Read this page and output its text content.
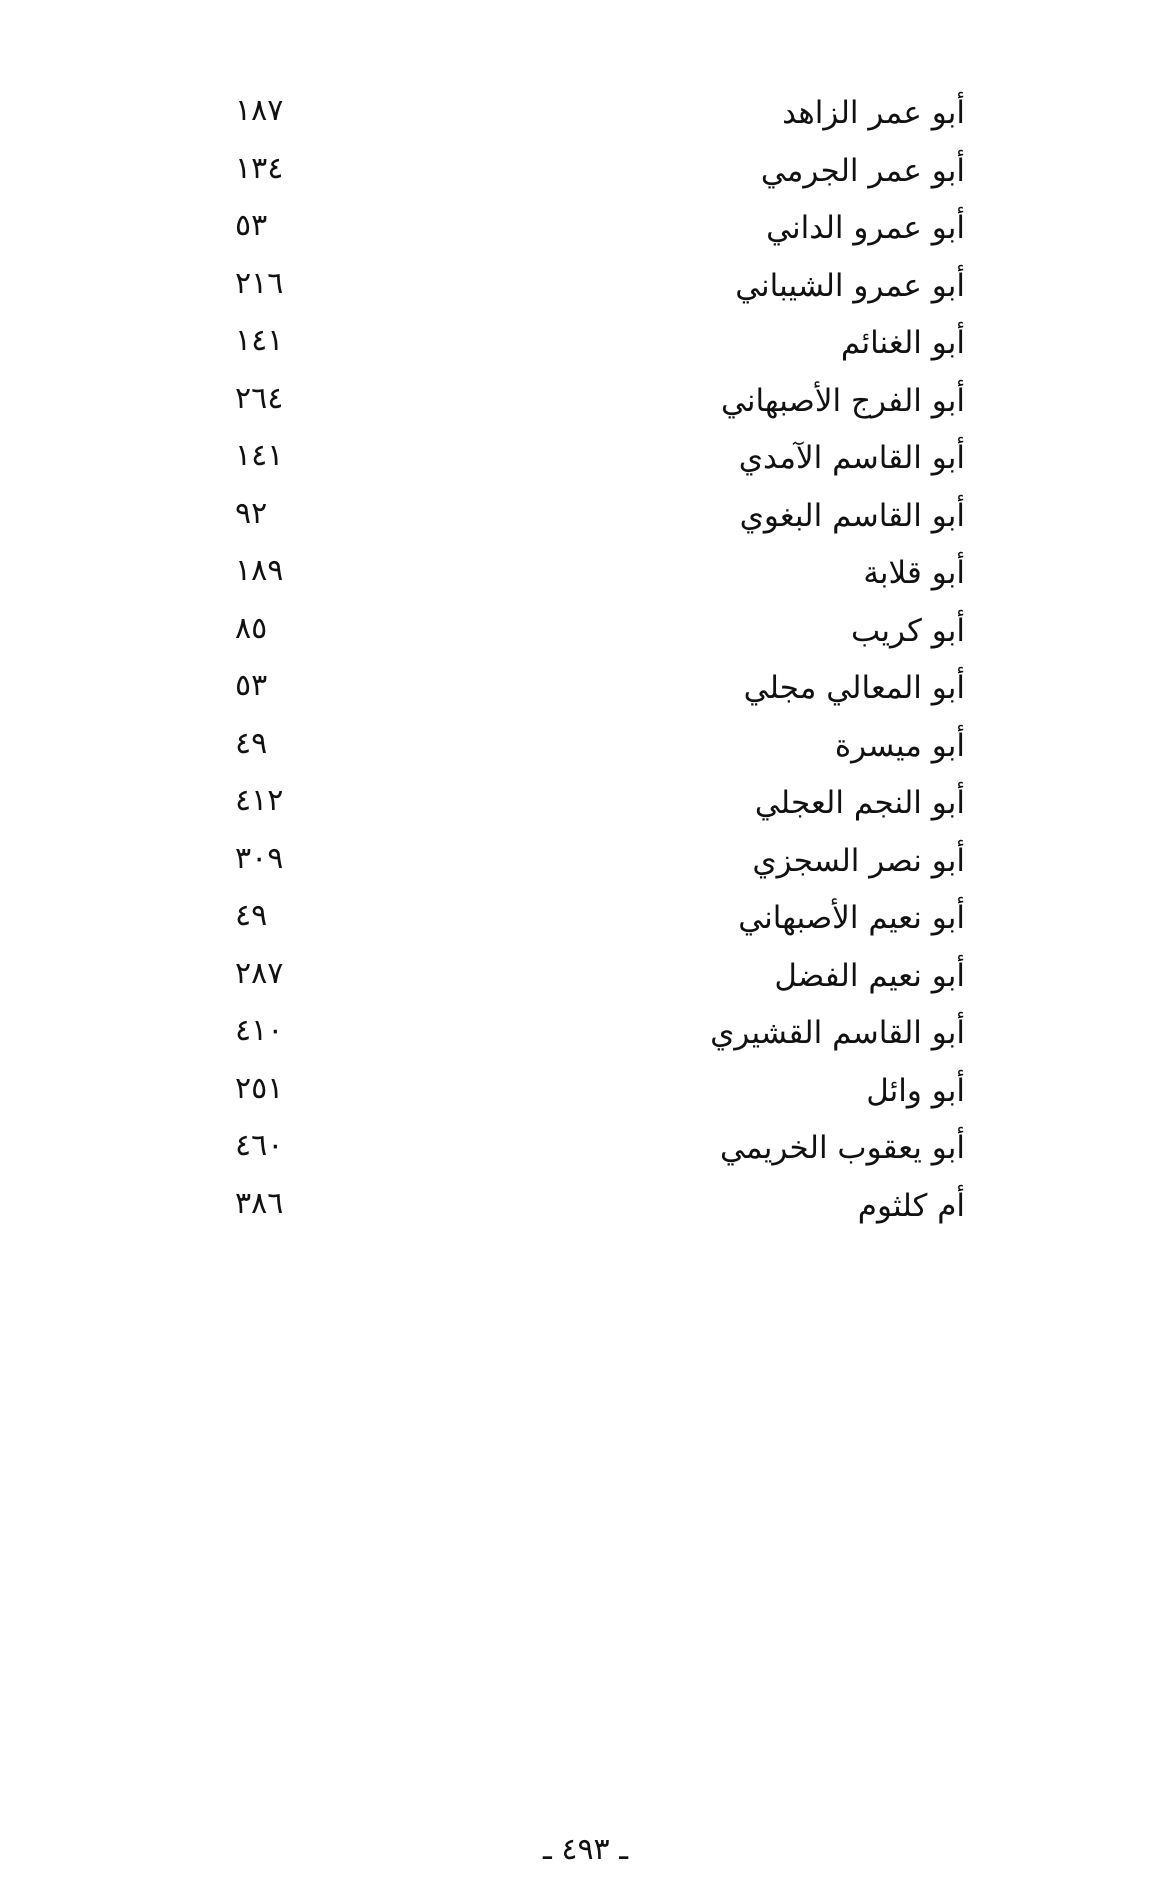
أبو عمر الزاهد
١٨٧
أبو عمر الجرمي
١٣٤
أبو عمرو الداني
٥٣
أبو عمرو الشيباني
٢١٦
أبو الغنائم
١٤١
أبو الفرج الأصبهاني
٢٦٤
أبو القاسم الآمدي
١٤١
أبو القاسم البغوي
٩٢
أبو قلابة
١٨٩
أبو كريب
٨٥
أبو المعالي مجلي
٥٣
أبو ميسرة
٤٩
أبو النجم العجلي
٤١٢
أبو نصر السجزي
٣٠٩
أبو نعيم الأصبهاني
٤٩
أبو نعيم الفضل
٢٨٧
أبو القاسم القشيري
٤١٠
أبو وائل
٢٥١
أبو يعقوب الخريمي
٤٦٠
أم كلثوم
٣٨٦
ـ ٤٩٣ ـ
